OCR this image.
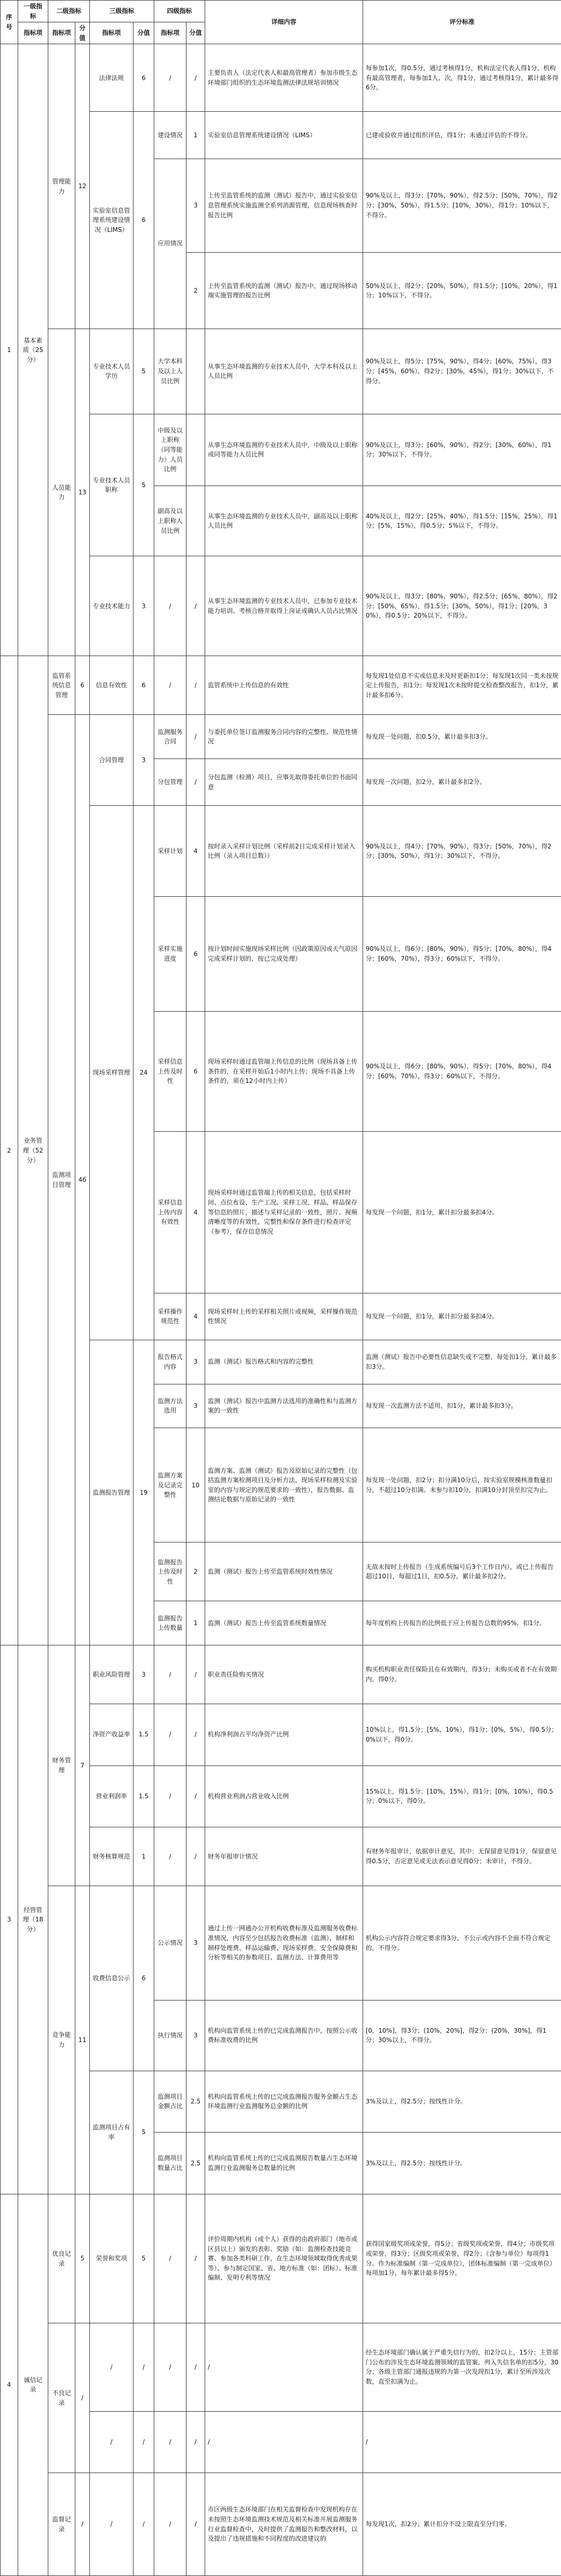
序号	一级指标	二级指标		三级指标		四级指标		详细内容	评分标准
	指标项	指标项	分值	指标项	分值	指标项	分值		
1	基本素质（25分）	管理能力	12	法律法规	6	/	/	主要负责人（法定代表人和最高管理者）参加市级生态环境部门组织的生态环境监测法律法规培训情况	每参加1次，得0.5分，通过考核得1分，机构法定代表人得1分，机构有最高管理者，每参加1人、次，得1分，通过考核得1分，累计最多得6分。
				实验室信息管理系统建设情况（LIMS）	6	建设情况	1	实验室信息管理系统建设情况（LIMS）	已建或验收并通过组织评估，得1分；未通过评估的不得分。
						应用情况	3	上传至监管系统的监测（测试）报告中，通过实验室信息管理系统实施监测全系列消源管理，信息现场核查时报告比例	90%及以上，得3分；[70%，90%），得2.5分；[50%，70%），得2分；[30%，50%），得1.5分；[10%，30%），得1分；10%以下，不得分。
							2	上传至监管系统的监测（测试）报告中，通过现场移动端实施管理的报告比例	50%及以上，得2分；[20%，50%），得1.5分；[10%，20%），得1分；10%以下，不得分。
		人员能力	13	专业技术人员学历	5	大学本科及以上人员比例		从事生态环境监测的专业技术人员中，大学本科及以上人员比例	90%及以上，得5分；[75%，90%），得4分；[60%，75%），得3分；[45%，60%），得2分；[30%，45%），得1分；30%以下，不得分。
				专业技术人员职称	5	中级及以上职称（同等能力）人员比例		从事生态环境监测的专业技术人员中，中级及以上职称或同等能力人员比例	90%及以上，得3分；[60%，90%），得2分；[30%，60%），得1分；30%以下，不得分。
						副高及以上职称人员比例		从事生态环境监测的专业技术人员中，副高及以上职称人员比例	40%及以上，得2分；[25%，40%），得1.5分；[15%，25%），得1分；[5%，15%），得0.5分；5%以下，不得分。
				专业技术能力	3	/	/	从事生态环境监测的专业技术人员中，已参加专业技术能力培训、考核合格并取得上岗证或确认人员占比情况	90%及以上，得3分；[80%，90%），得2.5分；[65%，80%），得2分；[50%，65%），得1.5分；[30%，50%），得1分；[20%，30%），得0.5分；20%以下，不得分。
2	业务管理（52分）	监管系统信息管理	6	信息有效性	6	/	/	监管系统中上传信息的有效性	每发现1处信息不实或信息未及时更新扣1分；每发现1次同一类未按规定上传报告，扣1分；每发现1次未按时提交检查整改报告，扣1分，累计最多扣6分。
		监测项目管理	46	合同管理	3	监测服务合同	/	与委托单位签订监测服务合同内容的完整性、规范性情况	每发现一处问题，扣0.5分，累计最多扣3分。
						分包管理	/	分包监测（检测）项目，应事先取得委托单位的书面同意	每发现一次问题，扣2分，累计最多扣2分。
				现场采样管理	24	采样计划	4	按时录入采样计划比例（采样前2日完成采样计划录入比例（录入项目总数））	90%及以上，得4分；[70%，90%），得3分；[50%，70%），得2分；[30%，50%），得1分；30%以下，不得分。
						采样实施进度	6	按计划时间实施现场采样比例（因政策原因或天气原因完成采样计划的，按已完成处理）	90%及以上，得6分；[80%，90%），得5分；[70%，80%），得4分；[60%，70%），得3分；60%以下，不得分。
						采样信息上传及时性	6	现场采样时通过监管端上传信息的比例（现场具备上传条件的，在采样开始后1小时内上传；现场不具备上传条件的，须在12小时内上传）	90%及以上，得6分；[80%，90%），得5分；[70%，80%），得4分；[60%，70%），得3分；60%以下，不得分。
						采样信息上传内容有效性	4	现场采样时通过监管端上传的相关信息，包括采样时间、点位布设、生产工况、采样工况、样品、样品保存等信息的照片，描述与采样记录的一致性，照片、视频清晰度等的有效性，完整性和保存条件进行检查评定（参考），保存信息情况	每发现一个问题，扣1分，累计扣分最多扣4分。
						采样操作规范性	4	现场采样时上传的采样相关照片或视频，采样操作规范性情况	每发现一个问题，扣1分，累计扣分最多扣4分。
				监测报告管理	19	报告格式内容	3	监测（测试）报告格式和内容的完整性	监测（测试）报告中必要性信息缺失或不完整，每处扣1分，累计最多扣3分。
						监测方法选用	3	监测（测试）报告中监测方法选用的准确性和与监测方案的一致性	每发现一次监测方法不适用，扣1分，累计最多扣3分。
						监测方案及记录完整性	10	监测方案、监测（测试）报告及原始记录的完整性（包括监测方案检测项目及分析方法，现场采样检测及实验室的内容与规定的规范要求的一致性），报告数据、监测结论数据与原始记录的一致性	每发现一处问题，扣2分；扣分满10分后，按实验室规模核准数量扣分，不超过10分扣满。未参与扣10分，扣满10分封顶至扣完为止。
						监测报告上传及时性	2	监测（测试）报告上传至监管系统时效性情况	无故未按时上传报告（生成系统编号后3个工作日内），或已上传报告超过10日，每超过1日，扣0.5分，累计最多扣2分。
						监测报告上传数量	1	监测（测试）报告上传至监管系统数量情况	每年度机构上传报告的比例低于应上传报告总数的95%，扣1分。
3	经营管理（18分）	财务管理	7	职业风险管理	3	/	/	职业责任险购买情况	购买机构职业责任保险且在有效期内，得3分；未购买或者不在有效期内，得0分。
				净资产收益率	1.5	/	/	机构净利润占平均净资产比例	10%以上，得1.5分；[5%，10%），得1分；[0%，5%），得0.5分；0%以下，得0分。
				营业利润率	1.5	/	/	机构营业利润占营业收入比例	15%以上，得1.5分；[10%，15%），得1分；[0%，10%），得0.5分；0%以下，得0分。
				财务核算规范	1	/	/	财务年报审计情况	有财务年报审计，依据审计意见，其中：无保留意见得1分，保留意见得0.5分，否定意见或无法表示意见得0分；未审计，不得分。
		竞争能力	11	收费信息公示	6	公示情况	3	通过上传一网通办公开机构收费标准及监测服务收费标准情况，内容至少包括报告收费标准（监测）、制样和制样处理费、样品运输费、现场采样费、安全保障费和分析等相关的参数项目、监测方法、计算费用等	机构公示内容符合规定要求得3分，不公示或内容不全面不符合规定的，不得分。
						执行情况	3	机构向监管系统上传的已完成监测报告中，按照公示收费标准收费的比例	[0，10%]，得3分；(10%，20%]，得2分；(20%，30%]，得1分；30%以上，不得分。
				监测项目占有率	5	监测项目金额占比	2.5	机构向监管系统上传的已完成监测报告服务金额占生态环境监测行业监测服务总金额的比例	3%及以上，得2.5分；按线性计分。
						监测项目数量占比	2.5	机构向监管系统上传的已完成监测报告数量占生态环境监测行业监测服务总数量的比例	3%及以上，得2.5分；按线性计分。
4	诚信记录	优良记录	5	荣誉和奖项	5	/	/	评价周期内机构（或个人）获得的由政府部门（地市或区县以上）颁发的表彰、奖励（如：监测检查技能竞赛、参加各类科研工作，在生态环境领域取得优秀成果等）、参与制定国家、省、地方标准（如：团标）、标准编制、发明专利等情况	获得国家级奖项或荣誉，得5分；省级奖项或荣誉，得4分；市级奖项或荣誉，得3分；区级奖项或荣誉，得2分；（含参与单位）每项得1分。作为标准编制（第一完成单位），团体标准编制（第一完成单位）每项加1分，每年累计最多得5分。
		不良记录	/	/	/	/	/	/	经生态环境部门确认属于严重失信行为的，扣2分以上，15分；主管部门公布的涉及生态环境监测领域的监管案，列入失信名单的扣5分，30分；各级主管部门通报违规的为第一次发现扣1分，累计至所涉及次数，直至扣满为止。
				/	/	/	/	/	/
		监督记录	/	/	/	/	/	市区两级生态环境部门在相关监督检查中发现机构存在未按照生态环境监测技术规范及相关标准开展监测服务行业监督检查中，及时提供了监测报告和整改材料，以及提出了违规措施和不同程度的改进建议的	每发现1次，扣2分；累计扣分不设上限直至分归零。
